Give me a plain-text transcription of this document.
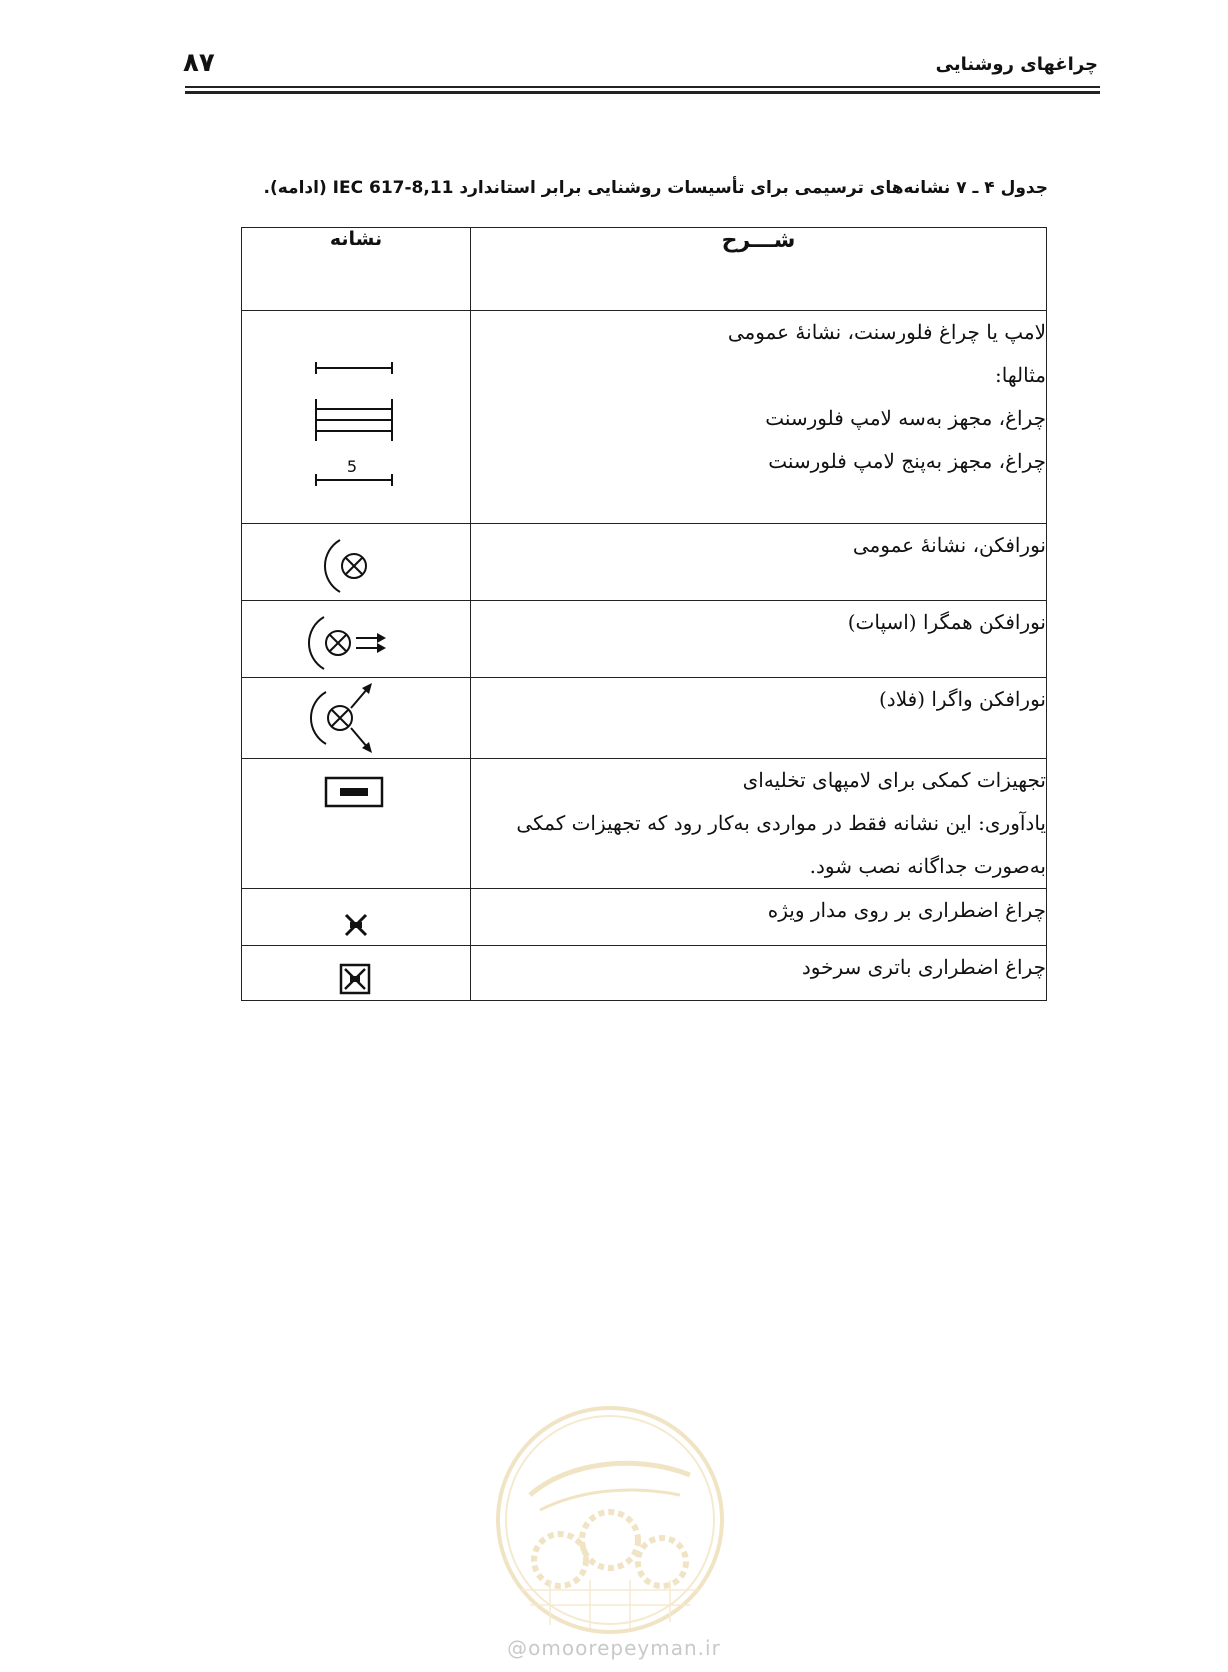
۸۷	چراغهای روشنایی
جدول ۴ ـ ۷ نشانه‌های ترسیمی برای تأسیسات روشنایی برابر استاندارد IEC 617-8,11 (ادامه).
شـــرح	نشانه

لامپ یا چراغ فلورسنت، نشانهٔ عمومی
مثالها:
چراغ، مجهز به‌سه لامپ فلورسنت
چراغ، مجهز به‌پنج لامپ فلورسنت	5

نورافکن، نشانهٔ عمومی

نورافکن همگرا (اسپات)

نورافکن واگرا (فلاد)

تجهیزات کمکی برای لامپهای تخلیه‌ای
یادآوری: این نشانه فقط در مواردی به‌کار رود که تجهیزات کمکی
به‌صورت جداگانه نصب شود.

چراغ اضطراری بر روی مدار ویژه

چراغ اضطراری باتری سرخود

@omoorepeyman.ir
